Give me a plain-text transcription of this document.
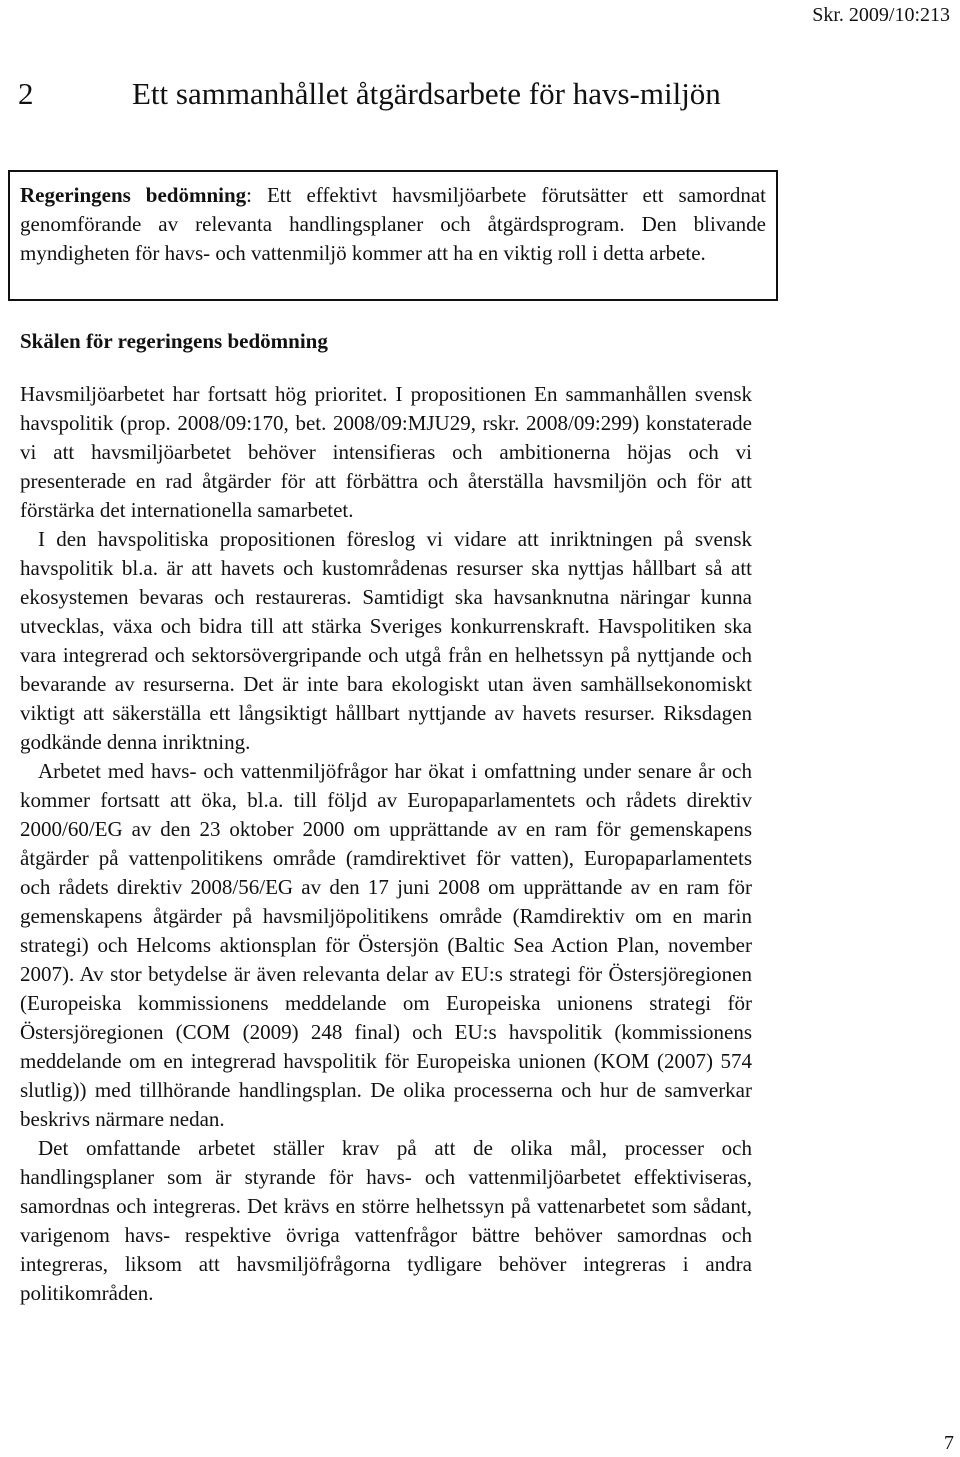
Skr. 2009/10:213
2	Ett sammanhållet åtgärdsarbete för havs-miljön
Regeringens bedömning: Ett effektivt havsmiljöarbete förutsätter ett samordnat genomförande av relevanta handlingsplaner och åtgärdsprogram. Den blivande myndigheten för havs- och vattenmiljö kommer att ha en viktig roll i detta arbete.
Skälen för regeringens bedömning

Havsmiljöarbetet har fortsatt hög prioritet. I propositionen En sammanhållen svensk havspolitik (prop. 2008/09:170, bet. 2008/09:MJU29, rskr. 2008/09:299) konstaterade vi att havsmiljöarbetet behöver intensifieras och ambitionerna höjas och vi presenterade en rad åtgärder för att förbättra och återställa havsmiljön och för att förstärka det internationella samarbetet.

I den havspolitiska propositionen föreslog vi vidare att inriktningen på svensk havspolitik bl.a. är att havets och kustområdenas resurser ska nyttjas hållbart så att ekosystemen bevaras och restaureras. Samtidigt ska havsanknutna näringar kunna utvecklas, växa och bidra till att stärka Sveriges konkurrenskraft. Havspolitiken ska vara integrerad och sektorsövergripande och utgå från en helhetssyn på nyttjande och bevarande av resurserna. Det är inte bara ekologiskt utan även samhällsekonomiskt viktigt att säkerställa ett långsiktigt hållbart nyttjande av havets resurser. Riksdagen godkände denna inriktning.

Arbetet med havs- och vattenmiljöfrågor har ökat i omfattning under senare år och kommer fortsatt att öka, bl.a. till följd av Europaparlamentets och rådets direktiv 2000/60/EG av den 23 oktober 2000 om upprättande av en ram för gemenskapens åtgärder på vattenpolitikens område (ramdirektivet för vatten), Europaparlamentets och rådets direktiv 2008/56/EG av den 17 juni 2008 om upprättande av en ram för gemenskapens åtgärder på havsmiljöpolitikens område (Ramdirektiv om en marin strategi) och Helcoms aktionsplan för Östersjön (Baltic Sea Action Plan, november 2007). Av stor betydelse är även relevanta delar av EU:s strategi för Östersjöregionen (Europeiska kommissionens meddelande om Europeiska unionens strategi för Östersjöregionen (COM (2009) 248 final) och EU:s havspolitik (kommissionens meddelande om en integrerad havspolitik för Europeiska unionen (KOM (2007) 574 slutlig)) med tillhörande handlingsplan. De olika processerna och hur de samverkar beskrivs närmare nedan.

Det omfattande arbetet ställer krav på att de olika mål, processer och handlingsplaner som är styrande för havs- och vattenmiljöarbetet effektiviseras, samordnas och integreras. Det krävs en större helhetssyn på vattenarbetet som sådant, varigenom havs- respektive övriga vattenfrågor bättre behöver samordnas och integreras, liksom att havsmiljöfrågorna tydligare behöver integreras i andra politikområden.

7
